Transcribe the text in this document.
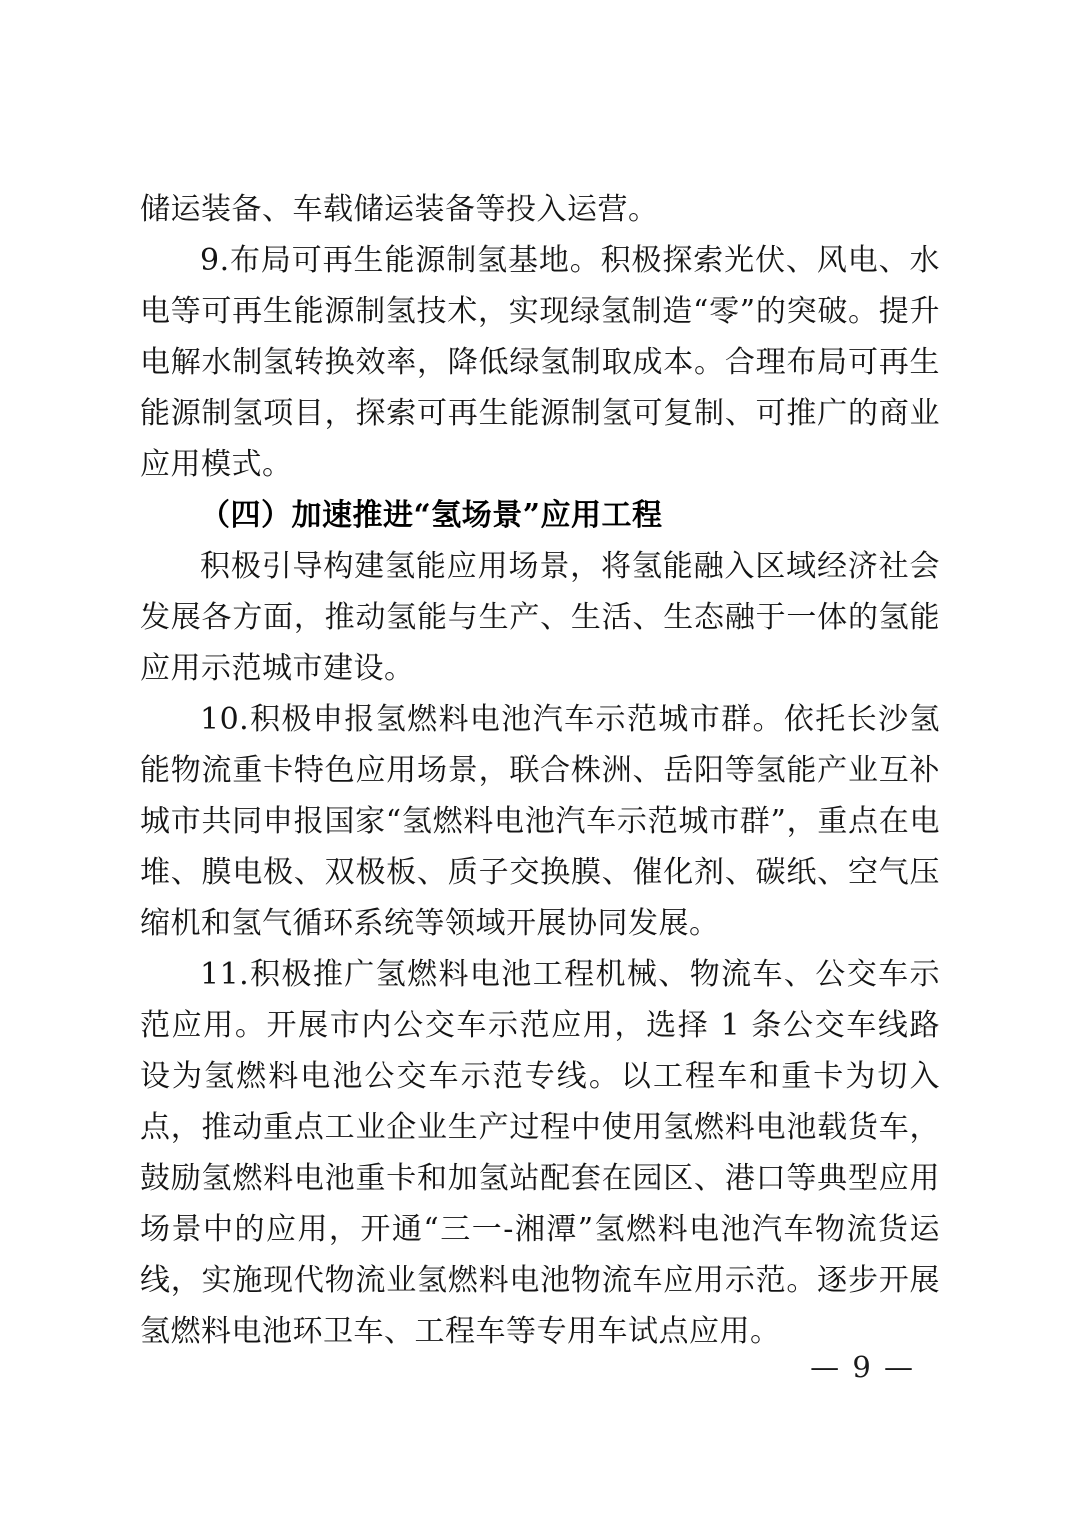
储运装备、车载储运装备等投入运营。

9.布局可再生能源制氢基地。积极探索光伏、风电、水电等可再生能源制氢技术，实现绿氢制造“零”的突破。提升电解水制氢转换效率，降低绿氢制取成本。合理布局可再生能源制氢项目，探索可再生能源制氢可复制、可推广的商业应用模式。

（四）加速推进“氢场景”应用工程

积极引导构建氢能应用场景，将氢能融入区域经济社会发展各方面，推动氢能与生产、生活、生态融于一体的氢能应用示范城市建设。

10.积极申报氢燃料电池汽车示范城市群。依托长沙氢能物流重卡特色应用场景，联合株洲、岳阳等氢能产业互补城市共同申报国家“氢燃料电池汽车示范城市群”，重点在电堆、膜电极、双极板、质子交换膜、催化剂、碳纸、空气压缩机和氢气循环系统等领域开展协同发展。

11.积极推广氢燃料电池工程机械、物流车、公交车示范应用。开展市内公交车示范应用，选择 1 条公交车线路设为氢燃料电池公交车示范专线。以工程车和重卡为切入点，推动重点工业企业生产过程中使用氢燃料电池载货车，鼓励氢燃料电池重卡和加氢站配套在园区、港口等典型应用场景中的应用，开通“三一-湘潭”氢燃料电池汽车物流货运线，实施现代物流业氢燃料电池物流车应用示范。逐步开展氢燃料电池环卫车、工程车等专用车试点应用。

— 9 —
